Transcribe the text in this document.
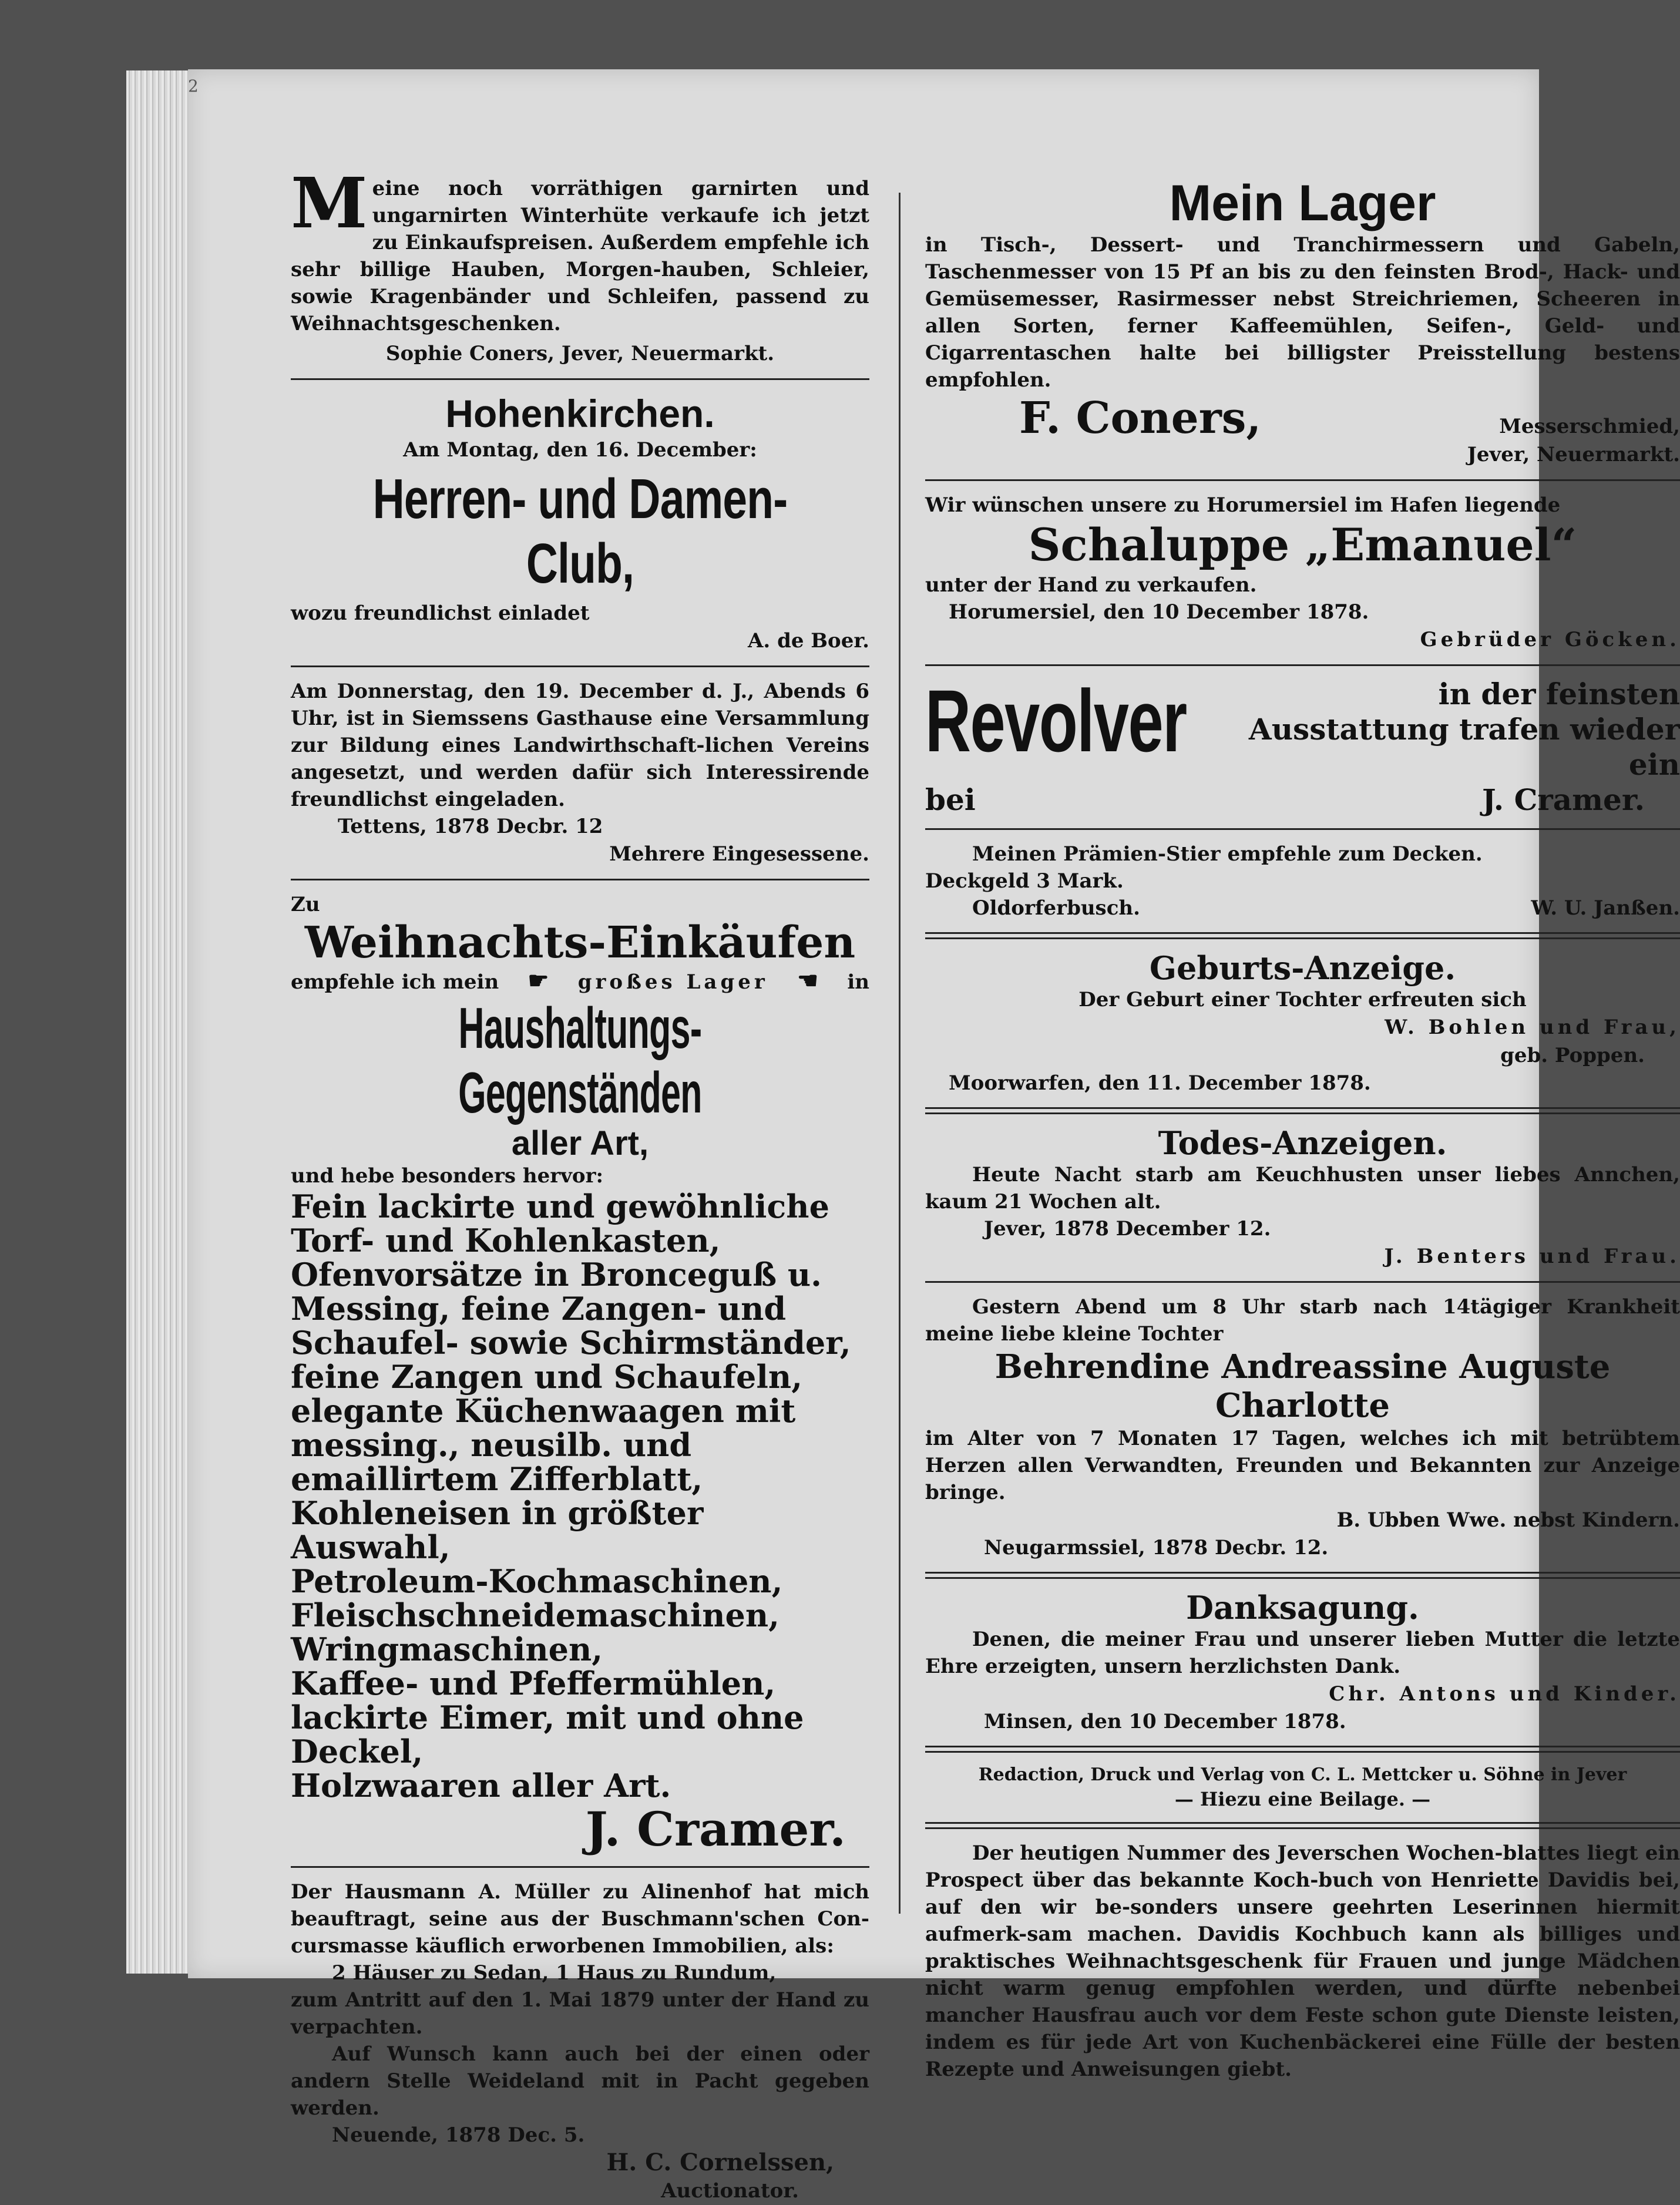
2
M eine noch vorräthigen garnirten und ungarnirten Winterhüte verkaufe ich jetzt zu Einkaufspreisen. Außerdem empfehle ich sehr billige Hauben, Morgen-hauben, Schleier, sowie Kragenbänder und Schleifen, passend zu Weihnachtsgeschenken.
Sophie Coners, Jever, Neuermarkt.
Hohenkirchen.
Am Montag, den 16. December:
Herren- und Damen-Club,
wozu freundlichst einladet
A. de Boer.
Am Donnerstag, den 19. December d. J., Abends 6 Uhr, ist in Siemssens Gasthause eine Versammlung zur Bildung eines Landwirthschaft-lichen Vereins angesetzt, und werden dafür sich Interessirende freundlichst eingeladen.
Tettens, 1878 Decbr. 12
Mehrere Eingesessene.
Zu
Weihnachts-Einkäufen
empfehle ich mein ☛ großes Lager ☚ in
Haushaltungs-Gegenständen
aller Art,
und hebe besonders hervor:
Fein lackirte und gewöhnliche Torf- und Kohlenkasten,
Ofenvorsätze in Bronceguß u. Messing, feine Zangen- und Schaufel- sowie Schirmständer,
feine Zangen und Schaufeln,
elegante Küchenwaagen mit messing., neusilb. und emaillirtem Zifferblatt,
Kohleneisen in größter Auswahl,
Petroleum-Kochmaschinen,
Fleischschneidemaschinen,
Wringmaschinen,
Kaffee- und Pfeffermühlen,
lackirte Eimer, mit und ohne Deckel,
Holzwaaren aller Art.
J. Cramer.
Der Hausmann A. Müller zu Alinenhof hat mich beauftragt, seine aus der Buschmann'schen Con-cursmasse käuflich erworbenen Immobilien, als:
2 Häuser zu Sedan, 1 Haus zu Rundum,
zum Antritt auf den 1. Mai 1879 unter der Hand zu verpachten.
Auf Wunsch kann auch bei der einen oder andern Stelle Weideland mit in Pacht gegeben werden.
Neuende, 1878 Dec. 5.
H. C. Cornelssen,
Auctionator.
Mein Lager
in Tisch-, Dessert- und Tranchirmessern und Gabeln, Taschenmesser von 15 Pf an bis zu den feinsten Brod-, Hack- und Gemüsemesser, Rasirmesser nebst Streichriemen, Scheeren in allen Sorten, ferner Kaffeemühlen, Seifen-, Geld- und Cigarrentaschen halte bei billigster Preisstellung bestens empfohlen.
F. Coners,	Messerschmied,
Jever, Neuermarkt.
Wir wünschen unsere zu Horumersiel im Hafen liegende
Schaluppe „Emanuel“
unter der Hand zu verkaufen.
Horumersiel, den 10 December 1878.
Gebrüder Göcken.
Revolver	in der feinsten Ausstattung trafen wieder ein
bei	J. Cramer.
Meinen Prämien-Stier empfehle zum Decken.
Deckgeld 3 Mark.
Oldorferbusch.	W. U. Janßen.
Geburts-Anzeige.
Der Geburt einer Tochter erfreuten sich
W. Bohlen und Frau,
geb. Poppen.
Moorwarfen, den 11. December 1878.
Todes-Anzeigen.
Heute Nacht starb am Keuchhusten unser liebes Annchen, kaum 21 Wochen alt.
Jever, 1878 December 12.
J. Benters und Frau.
Gestern Abend um 8 Uhr starb nach 14tägiger Krankheit meine liebe kleine Tochter
Behrendine Andreassine Auguste Charlotte
im Alter von 7 Monaten 17 Tagen, welches ich mit betrübtem Herzen allen Verwandten, Freunden und Bekannten zur Anzeige bringe.
B. Ubben Wwe. nebst Kindern.
Neugarmssiel, 1878 Decbr. 12.
Danksagung.
Denen, die meiner Frau und unserer lieben Mutter die letzte Ehre erzeigten, unsern herzlichsten Dank.
Chr. Antons und Kinder.
Minsen, den 10 December 1878.
Redaction, Druck und Verlag von C. L. Mettcker u. Söhne in Jever
— Hiezu eine Beilage. —
Der heutigen Nummer des Jeverschen Wochen-blattes liegt ein Prospect über das bekannte Koch-buch von Henriette Davidis bei, auf den wir be-sonders unsere geehrten Leserinnen hiermit aufmerk-sam machen. Davidis Kochbuch kann als billiges und praktisches Weihnachtsgeschenk für Frauen und junge Mädchen nicht warm genug empfohlen werden, und dürfte nebenbei mancher Hausfrau auch vor dem Feste schon gute Dienste leisten, indem es für jede Art von Kuchenbäckerei eine Fülle der besten Rezepte und Anweisungen giebt.
